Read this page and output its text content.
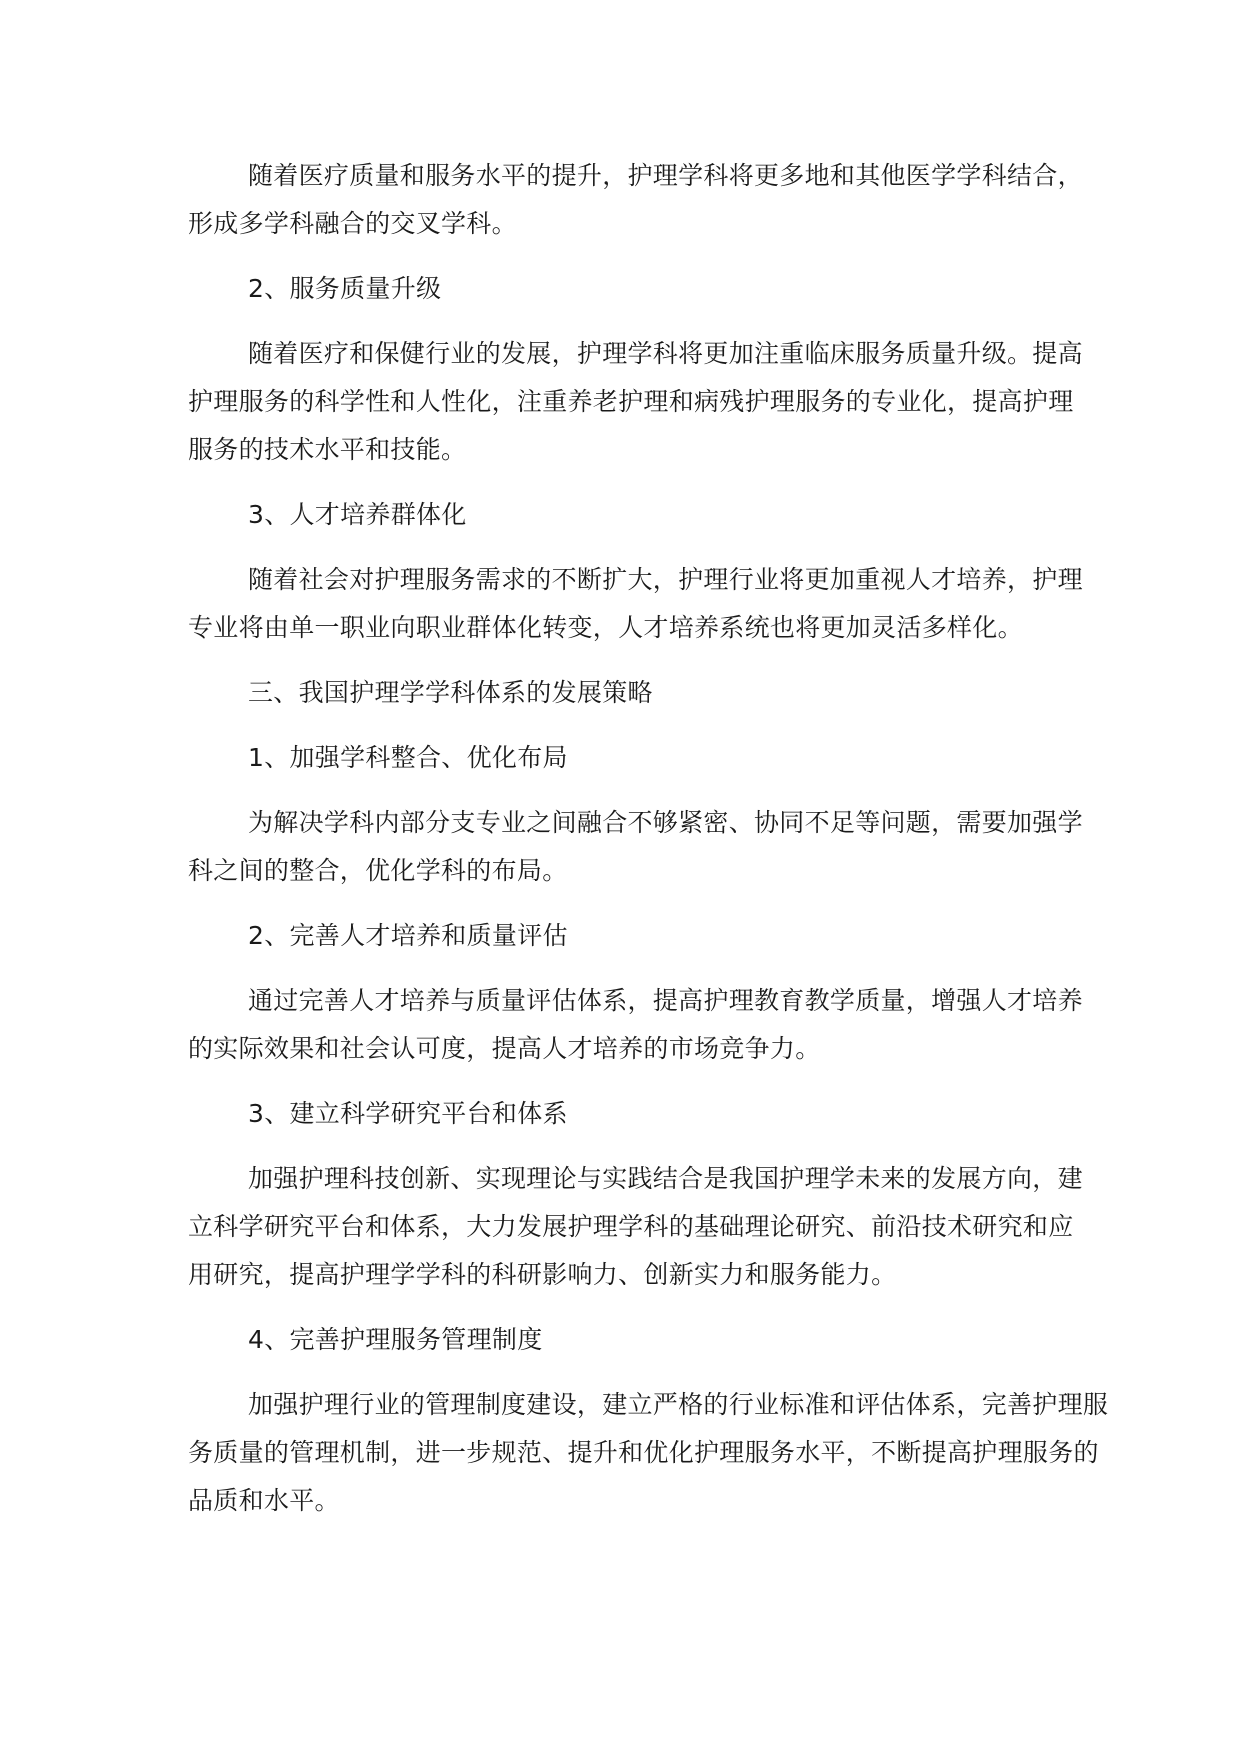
随着医疗质量和服务水平的提升，护理学科将更多地和其他医学学科结合，形成多学科融合的交叉学科。

2、服务质量升级

随着医疗和保健行业的发展，护理学科将更加注重临床服务质量升级。提高护理服务的科学性和人性化，注重养老护理和病残护理服务的专业化，提高护理服务的技术水平和技能。

3、人才培养群体化

随着社会对护理服务需求的不断扩大，护理行业将更加重视人才培养，护理专业将由单一职业向职业群体化转变，人才培养系统也将更加灵活多样化。

三、我国护理学学科体系的发展策略

1、加强学科整合、优化布局

为解决学科内部分支专业之间融合不够紧密、协同不足等问题，需要加强学科之间的整合，优化学科的布局。

2、完善人才培养和质量评估

通过完善人才培养与质量评估体系，提高护理教育教学质量，增强人才培养的实际效果和社会认可度，提高人才培养的市场竞争力。

3、建立科学研究平台和体系

加强护理科技创新、实现理论与实践结合是我国护理学未来的发展方向，建立科学研究平台和体系，大力发展护理学科的基础理论研究、前沿技术研究和应用研究，提高护理学学科的科研影响力、创新实力和服务能力。

4、完善护理服务管理制度

加强护理行业的管理制度建设，建立严格的行业标准和评估体系，完善护理服务质量的管理机制，进一步规范、提升和优化护理服务水平，不断提高护理服务的品质和水平。
